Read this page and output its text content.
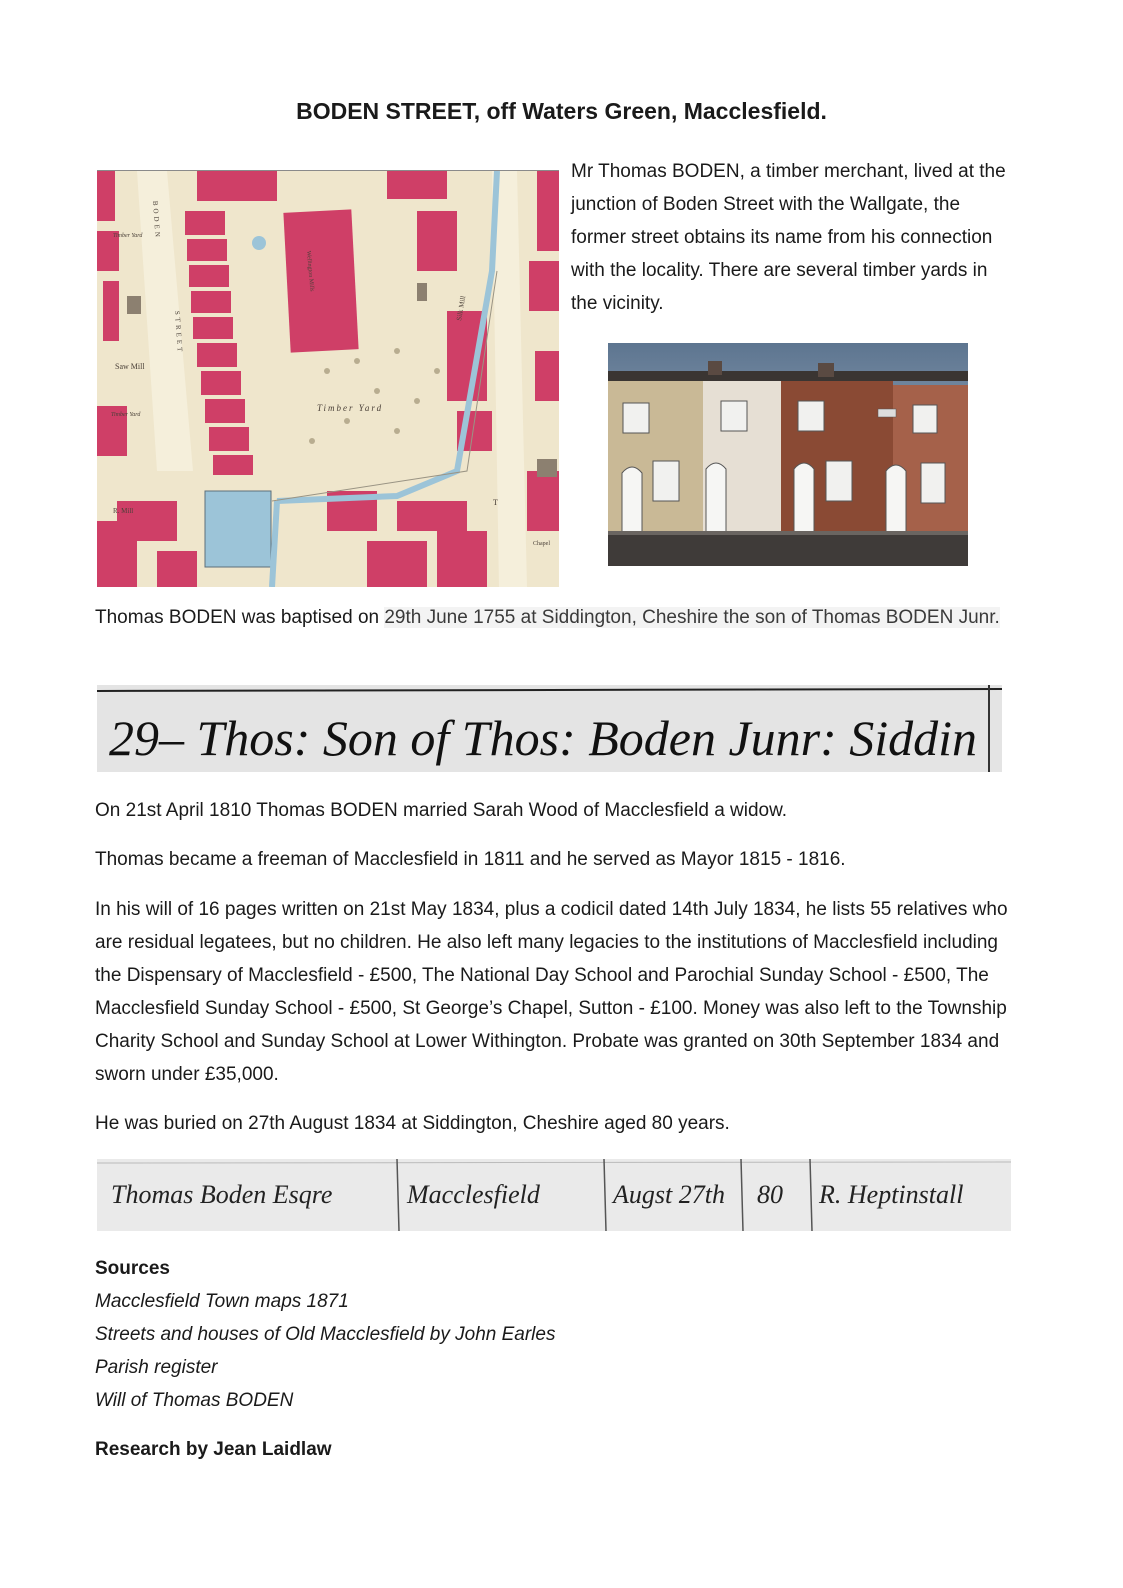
BODEN STREET, off Waters Green, Macclesfield.
BODEN
STREET
Timber Yard
Timber Yard
Timber Yard
Saw Mill
Silk Mill
Wellington Mills
R. Mill
T
Chapel

Mr Thomas BODEN, a timber merchant, lived at the junction of Boden Street with the Wallgate, the former street obtains its name from his connection with the locality. There are several timber yards in the vicinity.

Thomas BODEN was baptised on 29th June 1755 at Siddington, Cheshire the son of Thomas BODEN Junr.

29– Thos: Son of Thos: Boden Junr: Siddin

On 21st April 1810 Thomas BODEN married Sarah Wood of Macclesfield a widow.

Thomas became a freeman of Macclesfield in 1811 and he served as Mayor 1815 - 1816.

In his will of 16 pages written on 21st May 1834, plus a codicil dated 14th July 1834, he lists 55 relatives who are residual legatees, but no children. He also left many legacies to the institutions of Macclesfield including the Dispensary of Macclesfield - £500, The National Day School and Parochial Sunday School - £500, The Macclesfield Sunday School - £500, St George’s Chapel, Sutton - £100. Money was also left to the Township Charity School and Sunday School at Lower Withington. Probate was granted on 30th September 1834 and sworn under £35,000.

He was buried on 27th August 1834 at Siddington, Cheshire aged 80 years.

Thomas Boden Esqre	Macclesfield	Augst 27th 80 R. Heptinstall

Sources

Macclesfield Town maps 1871
Streets and houses of Old Macclesfield by John Earles
Parish register
Will of Thomas BODEN

Research by Jean Laidlaw
